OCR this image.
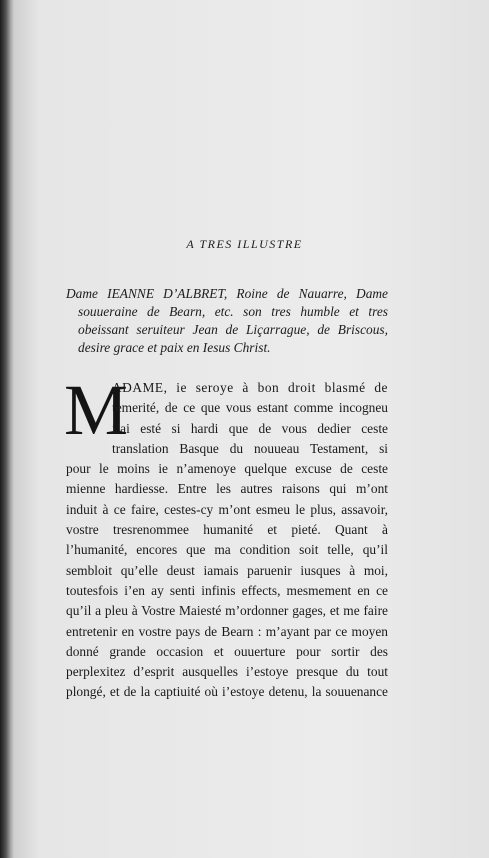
A TRES ILLUSTRE
Dame IEANNE D’ALBRET, Roine de Nauarre, Dame
souueraine de Bearn, etc. son tres humble et tres
obeissant seruiteur Jean de Liçarrague, de Briscous,
desire grace et paix en Iesus Christ.
M
ADAME, ie seroye à bon droit blasmé de
temerité, de ce que vous estant comme incogneu
i’ai esté si hardi que de vous dedier ceste
translation Basque du nouueau Testament, si
pour le moins ie n’amenoye quelque excuse de ceste
mienne hardiesse. Entre les autres raisons qui m’ont
induit à ce faire, cestes-cy m’ont esmeu le plus, assavoir,
vostre tresrenommee humanité et pieté. Quant à
l’humanité, encores que ma condition soit telle, qu’il
sembloit qu’elle deust iamais paruenir iusques à moi,
toutesfois i’en ay senti infinis effects, mesmement en ce
qu’il a pleu à Vostre Maiesté m’ordonner gages, et me faire
entretenir en vostre pays de Bearn : m’ayant par ce moyen
donné grande occasion et ouuerture pour sortir des
perplexitez d’esprit ausquelles i’estoye presque du tout
plongé, et de la captiuité où i’estoye detenu, la souuenance
